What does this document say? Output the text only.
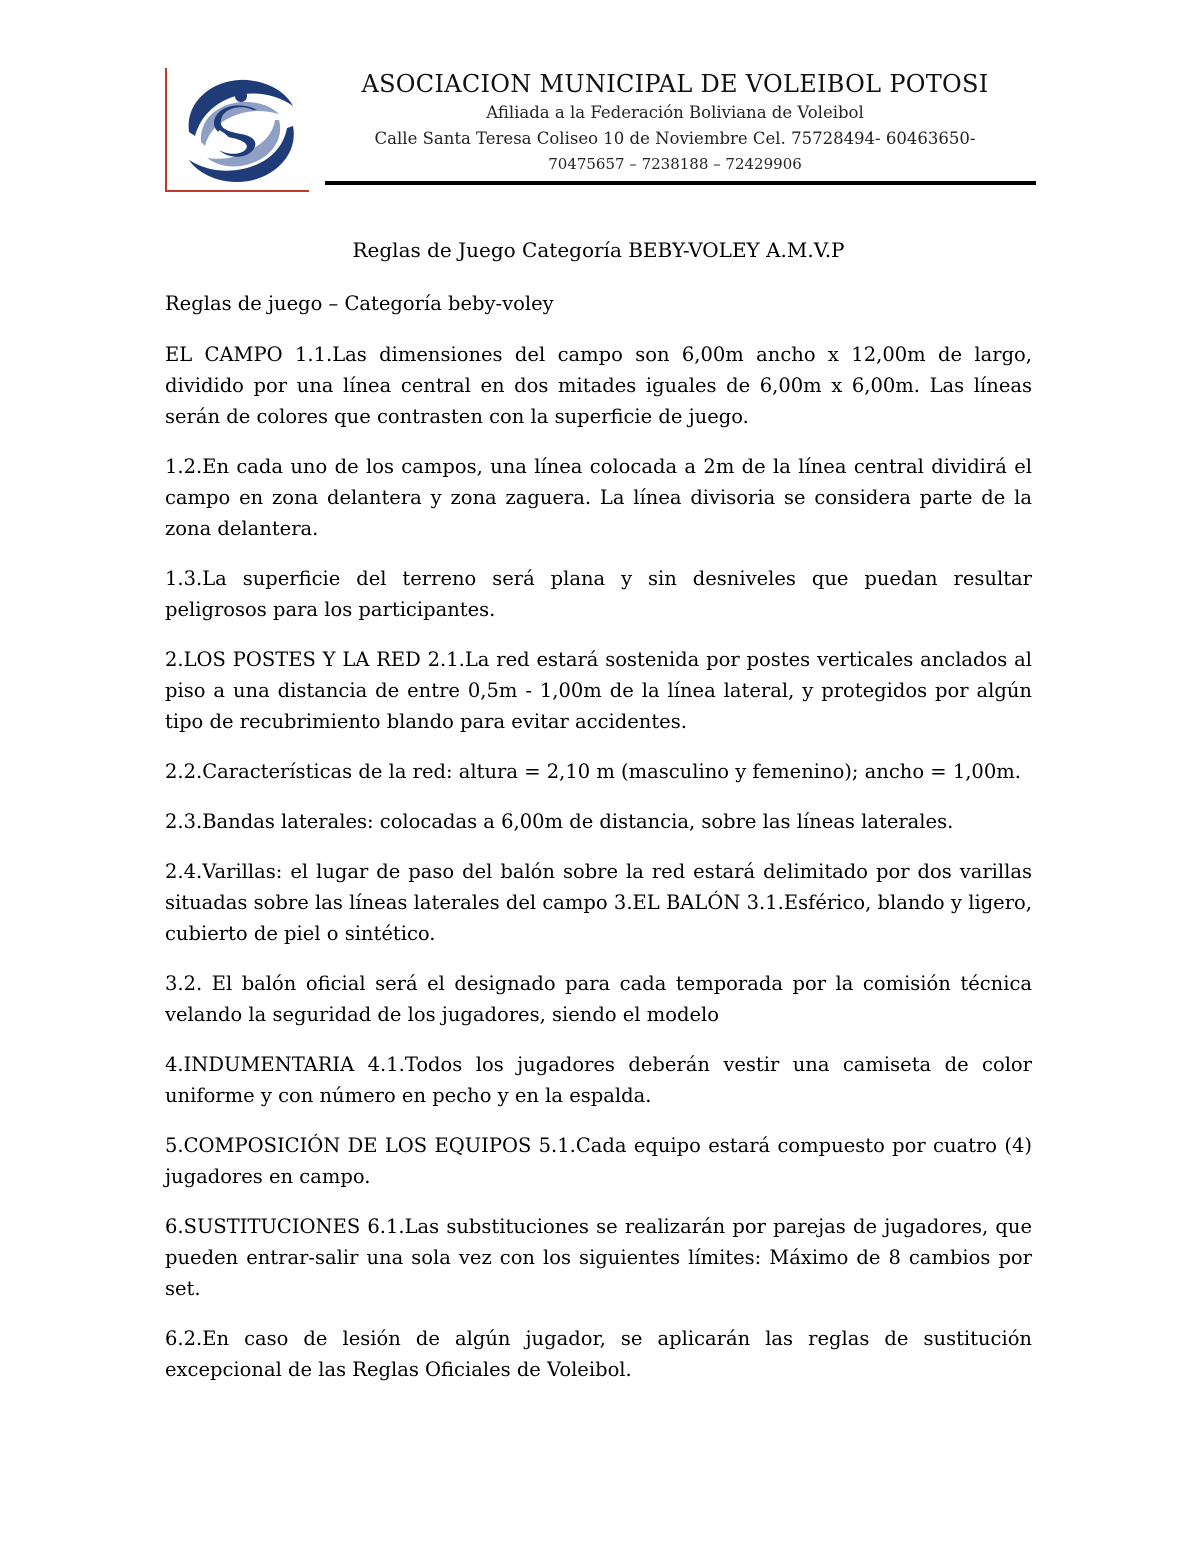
ASOCIACION MUNICIPAL DE VOLEIBOL POTOSI
Afiliada a la Federación Boliviana de Voleibol
Calle Santa Teresa Coliseo 10 de Noviembre Cel. 75728494- 60463650-
70475657 – 7238188 – 72429906
Reglas de Juego Categoría BEBY-VOLEY A.M.V.P

Reglas de juego – Categoría beby-voley

EL CAMPO 1.1.Las dimensiones del campo son 6,00m ancho x 12,00m de largo, dividido por una línea central en dos mitades iguales de 6,00m x 6,00m. Las líneas serán de colores que contrasten con la superficie de juego.

1.2.En cada uno de los campos, una línea colocada a 2m de la línea central dividirá el campo en zona delantera y zona zaguera. La línea divisoria se considera parte de la zona delantera.

1.3.La superficie del terreno será plana y sin desniveles que puedan resultar peligrosos para los participantes.

2.LOS POSTES Y LA RED 2.1.La red estará sostenida por postes verticales anclados al piso a una distancia de entre 0,5m - 1,00m de la línea lateral, y protegidos por algún tipo de recubrimiento blando para evitar accidentes.

2.2.Características de la red: altura = 2,10 m (masculino y femenino); ancho = 1,00m.

2.3.Bandas laterales: colocadas a 6,00m de distancia, sobre las líneas laterales.

2.4.Varillas: el lugar de paso del balón sobre la red estará delimitado por dos varillas situadas sobre las líneas laterales del campo 3.EL BALÓN 3.1.Esférico, blando y ligero, cubierto de piel o sintético.

3.2. El balón oficial será el designado para cada temporada por la comisión técnica velando la seguridad de los jugadores, siendo el modelo

4.INDUMENTARIA 4.1.Todos los jugadores deberán vestir una camiseta de color uniforme y con número en pecho y en la espalda.

5.COMPOSICIÓN DE LOS EQUIPOS 5.1.Cada equipo estará compuesto por cuatro (4) jugadores en campo.

6.SUSTITUCIONES 6.1.Las substituciones se realizarán por parejas de jugadores, que pueden entrar-salir una sola vez con los siguientes límites: Máximo de 8 cambios por set.

6.2.En caso de lesión de algún jugador, se aplicarán las reglas de sustitución excepcional de las Reglas Oficiales de Voleibol.
